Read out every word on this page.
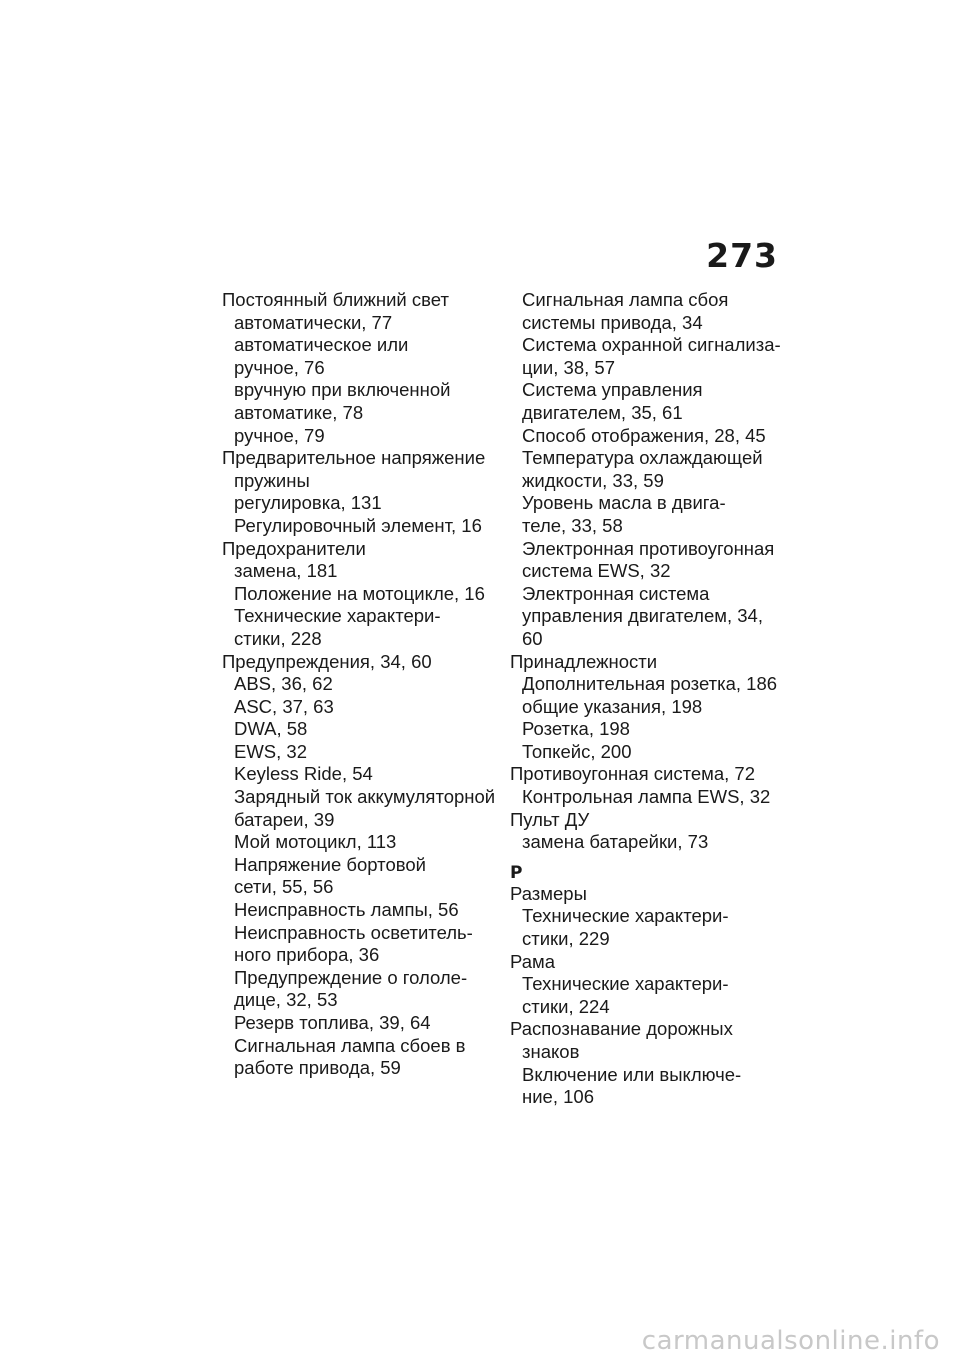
273
Постоянный ближний свет
автоматически, 77
автоматическое или
ручное, 76
вручную при включенной
автоматике, 78
ручное, 79
Предварительное напряжение
пружины
регулировка, 131
Регулировочный элемент, 16
Предохранители
замена, 181
Положение на мотоцикле, 16
Технические характери-
стики, 228
Предупреждения, 34, 60
ABS, 36, 62
ASC, 37, 63
DWA, 58
EWS, 32
Keyless Ride, 54
Зарядный ток аккумуляторной
батареи, 39
Мой мотоцикл, 113
Напряжение бортовой
сети, 55, 56
Неисправность лампы, 56
Неисправность осветитель-
ного прибора, 36
Предупреждение о гололе-
дице, 32, 53
Резерв топлива, 39, 64
Сигнальная лампа сбоев в
работе привода, 59
Сигнальная лампа сбоя
системы привода, 34
Система охранной сигнализа-
ции, 38, 57
Система управления
двигателем, 35, 61
Способ отображения, 28, 45
Температура охлаждающей
жидкости, 33, 59
Уровень масла в двига-
теле, 33, 58
Электронная противоугонная
система EWS, 32
Электронная система
управления двигателем, 34,
60
Принадлежности
Дополнительная розетка, 186
общие указания, 198
Розетка, 198
Топкейс, 200
Противоугонная система, 72
Контрольная лампа EWS, 32
Пульт ДУ
замена батарейки, 73
Р
Размеры
Технические характери-
стики, 229
Рама
Технические характери-
стики, 224
Распознавание дорожных
знаков
Включение или выключе-
ние, 106
carmanualsonline.info
